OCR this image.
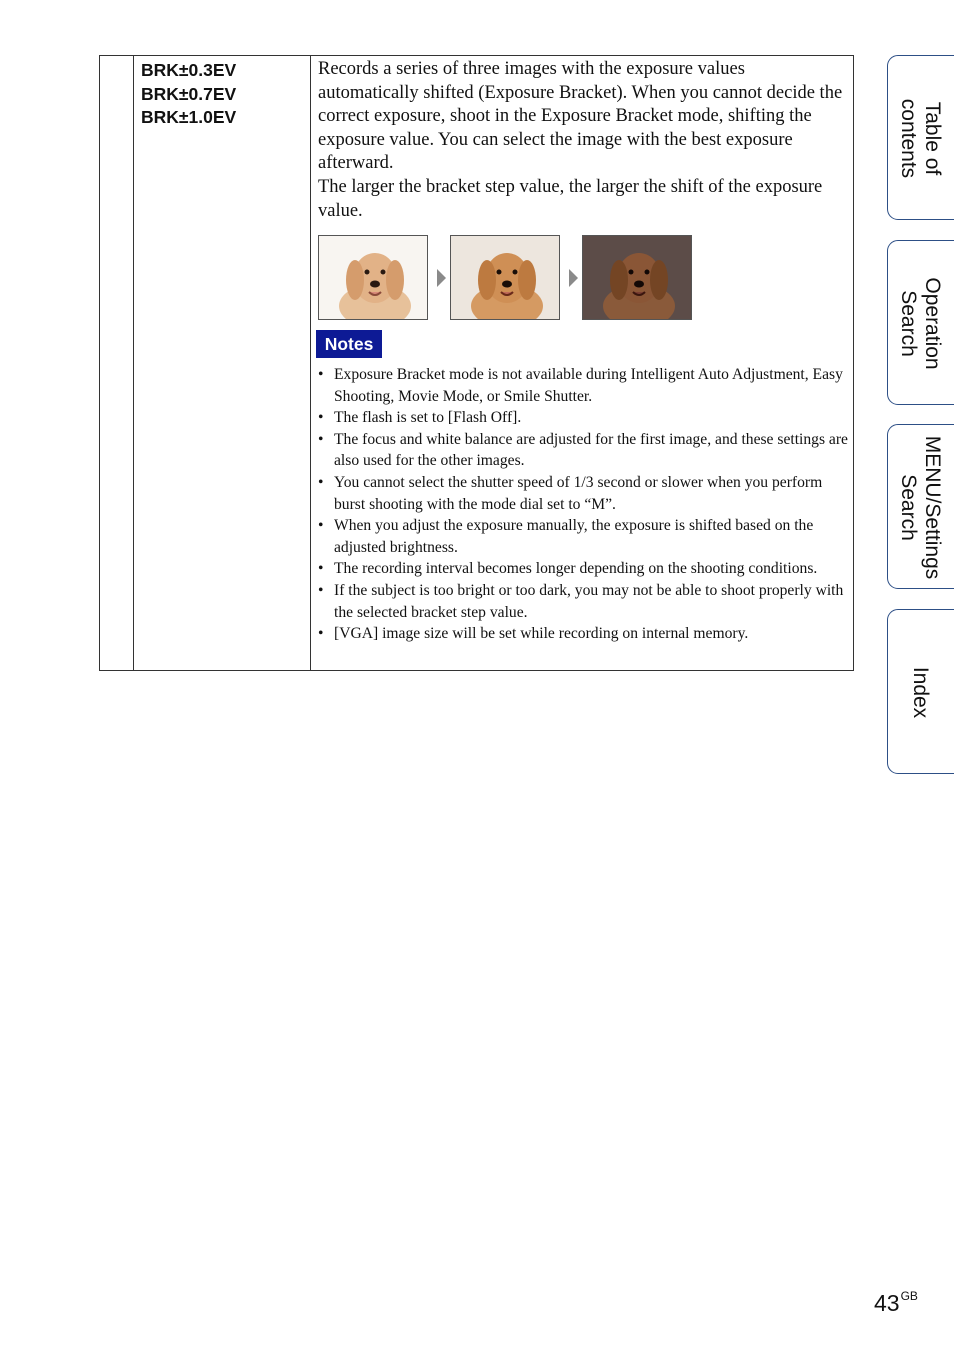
BRK±0.3EV
BRK±0.7EV
BRK±1.0EV

Records a series of three images with the exposure values automatically shifted (Exposure Bracket). When you cannot decide the correct exposure, shoot in the Exposure Bracket mode, shifting the exposure value. You can select the image with the best exposure afterward.

The larger the bracket step value, the larger the shift of the exposure value.

Notes
• Exposure Bracket mode is not available during Intelligent Auto Adjustment, Easy Shooting, Movie Mode, or Smile Shutter.
• The flash is set to [Flash Off].
• The focus and white balance are adjusted for the first image, and these settings are also used for the other images.
• You cannot select the shutter speed of 1/3 second or slower when you perform burst shooting with the mode dial set to “M”.
• When you adjust the exposure manually, the exposure is shifted based on the adjusted brightness.
• The recording interval becomes longer depending on the shooting conditions.
• If the subject is too bright or too dark, you may not be able to shoot properly with the selected bracket step value.
• [VGA] image size will be set while recording on internal memory.
Table of
contents
Operation
Search
MENU/Settings
Search
Index
$43^{GB}$
